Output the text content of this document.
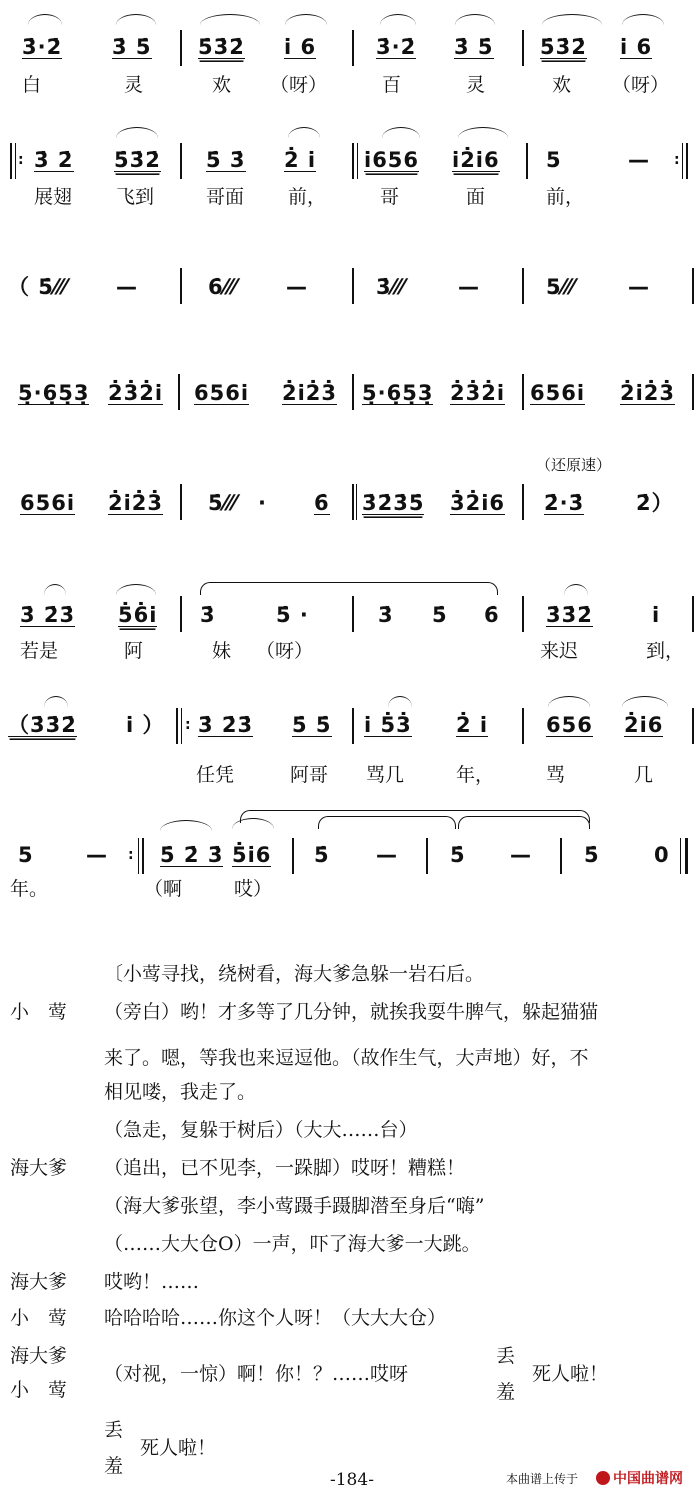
3̇·2̇ 3̇ 5̇ 5̇3̇2̇ i̇ 6	3̇·2̇ 3̇ 5̇ 5̇3̇2̇ i̇ 6
白	灵	欢 （呀）	百	灵	欢 （呀）
: 3̇ 2̇ 5̇3̇2̇ 5̇ 3̇ 2̇ i̇ i̇656 i̇2̇i̇6 5	— :
展翅 飞到	哥面 前，	哥	面	前，
（ 5̇⁄⁄⁄ —	6̇⁄⁄⁄ —	3̇⁄⁄⁄	—	5⁄⁄⁄	—
5̣·6̣5̣3̣ 2̇3̇2̇i̇ 656i̇ 2̇i̇2̇3̇ 5̣·6̣5̣3̣ 2̇3̇2̇i̇ 656i̇ 2̇i̇2̇3̇
（还原速）
656i̇ 2̇i̇2̇3̇ 5̇⁄⁄⁄ · 6̇ 3̇2̇3̇5̇ 3̇2̇i̇6 2̇·3̇ 2̇）
3̇ 2̇3̇ 5̇6̇i̇ 3̇	5̇ ·	3̇ 5̇ 6̇ 3̇3̇2̇	i̇
若是	阿	妹 （呀）	来迟	到，
（3̇3̇2̇ i̇ ） : 3̇ 2̇3̇ 5̇ 5̇ i̇ 5̇3̇ 2̇ i̇	656 2̇i̇6
任凭	阿哥 骂几	年，	骂	几
5 — : 5̇ 2̇ 3̇ 5̇i̇6 5̇ — 5̇ — 5̇	0
年。	（啊	哎）
〔小莺寻找，绕树看，海大爹急躲一岩石后。
小　莺 （旁白）哟！才多等了几分钟，就挨我耍牛脾气，躲起猫猫
来了。嗯，等我也来逗逗他。（故作生气，大声地）好，不
相见喽，我走了。
（急走，复躲于树后）（大大……台）
海大爹 （追出，已不见李，一跺脚）哎呀！糟糕！
（海大爹张望，李小莺蹑手蹑脚潜至身后“嗨”
（……大大仓O）一声，吓了海大爹一大跳。
海大爹 哎哟！……
小　莺 哈哈哈哈……你这个人呀！（大大大仓）
海大爹
小　莺
（对视，一惊）啊！你！？……哎呀
丢
羞
死人啦！
丢
羞
死人啦！
-184-	本曲谱上传于	中国曲谱网
